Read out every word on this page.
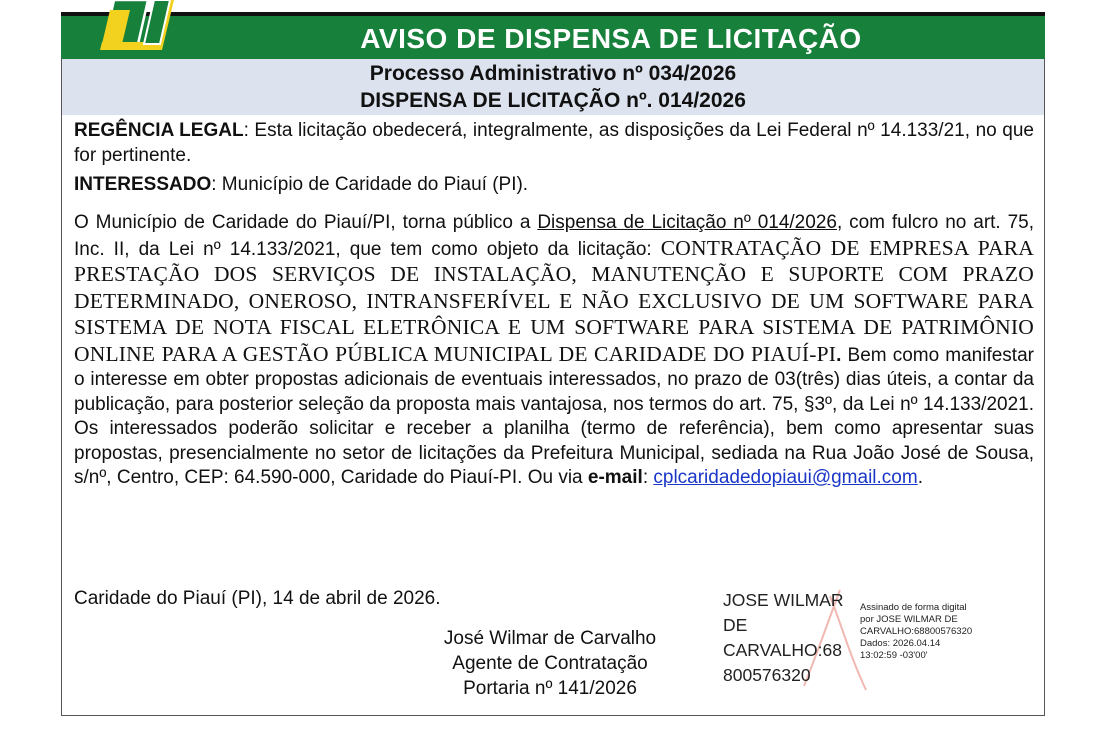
AVISO DE DISPENSA DE LICITAÇÃO
Processo Administrativo nº 034/2026
DISPENSA DE LICITAÇÃO nº. 014/2026
REGÊNCIA LEGAL: Esta licitação obedecerá, integralmente, as disposições da Lei Federal nº 14.133/21, no que for pertinente.
INTERESSADO: Município de Caridade do Piauí (PI).
O Município de Caridade do Piauí/PI, torna público a Dispensa de Licitação nº 014/2026, com fulcro no art. 75, Inc. II, da Lei nº 14.133/2021, que tem como objeto da licitação: CONTRATAÇÃO DE EMPRESA PARA PRESTAÇÃO DOS SERVIÇOS DE INSTALAÇÃO, MANUTENÇÃO E SUPORTE COM PRAZO DETERMINADO, ONEROSO, INTRANSFERÍVEL E NÃO EXCLUSIVO DE UM SOFTWARE PARA SISTEMA DE NOTA FISCAL ELETRÔNICA E UM SOFTWARE PARA SISTEMA DE PATRIMÔNIO ONLINE PARA A GESTÃO PÚBLICA MUNICIPAL DE CARIDADE DO PIAUÍ-PI. Bem como manifestar o interesse em obter propostas adicionais de eventuais interessados, no prazo de 03(três) dias úteis, a contar da publicação, para posterior seleção da proposta mais vantajosa, nos termos do art. 75, §3º, da Lei nº 14.133/2021. Os interessados poderão solicitar e receber a planilha (termo de referência), bem como apresentar suas propostas, presencialmente no setor de licitações da Prefeitura Municipal, sediada na Rua João José de Sousa, s/nº, Centro, CEP: 64.590-000, Caridade do Piauí-PI. Ou via e-mail: cplcaridadedopiaui@gmail.com.
Caridade do Piauí (PI), 14 de abril de 2026.
José Wilmar de Carvalho
Agente de Contratação
Portaria nº 141/2026
JOSE WILMAR
DE
CARVALHO:68
800576320
Assinado de forma digital
por JOSE WILMAR DE
CARVALHO:68800576320
Dados: 2026.04.14
13:02:59 -03'00'
